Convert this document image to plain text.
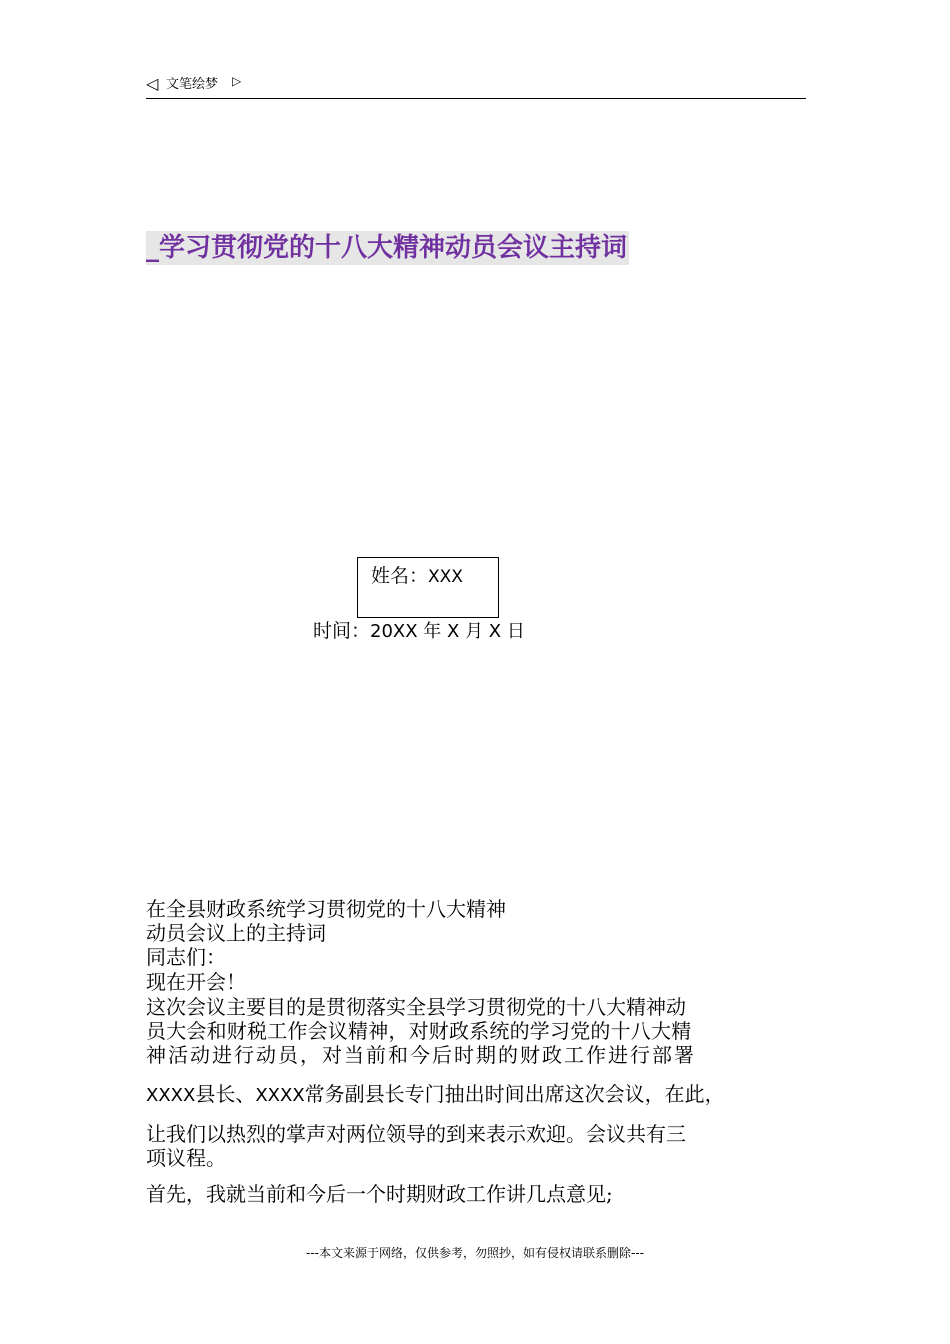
◁ 文笔绘梦 ▷
_学习贯彻党的十八大精神动员会议主持词
姓名：XXX
时间：20XX 年 X 月 X 日
在全县财政系统学习贯彻党的十八大精神
动员会议上的主持词
同志们：
现在开会！
这次会议主要目的是贯彻落实全县学习贯彻党的十八大精神动
员大会和财税工作会议精神，对财政系统的学习党的十八大精
神活动进行动员，对当前和今后时期的财政工作进行部署
XXXX县长、XXXX常务副县长专门抽出时间出席这次会议，在此，
让我们以热烈的掌声对两位领导的到来表示欢迎。会议共有三
项议程。
首先，我就当前和今后一个时期财政工作讲几点意见;
---本文来源于网络，仅供参考，勿照抄，如有侵权请联系删除---
